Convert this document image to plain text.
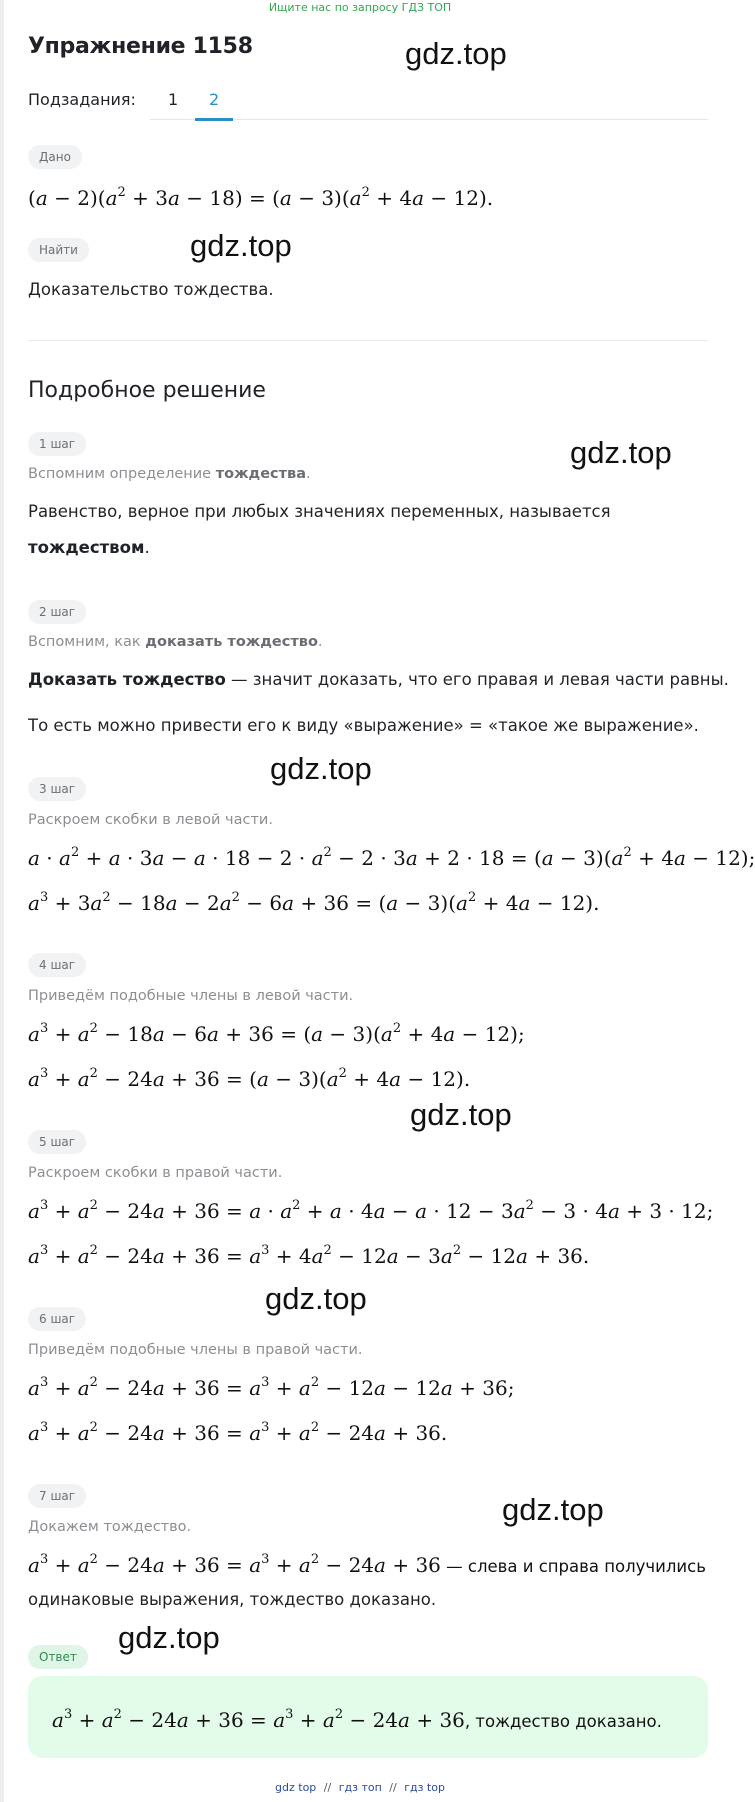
Ищите нас по запросу ГДЗ ТОП
Упражнение 1158
Подзадания: 1 2
Дано
$(a - 2)(a^2 + 3a - 18) = (a - 3)(a^2 + 4a - 12)$.
Найти
Доказательство тождества.
Подробное решение
1 шаг
Вспомним определение тождества.
Равенство, верное при любых значениях переменных, называется
тождеством.
2 шаг
Вспомним, как доказать тождество.
Доказать тождество — значит доказать, что его правая и левая части равны.
То есть можно привести его к виду «выражение» = «такое же выражение».
3 шаг
Раскроем скобки в левой части.
$a \cdot a^2 + a \cdot 3a - a \cdot 18 - 2 \cdot a^2 - 2 \cdot 3a + 2 \cdot 18 = (a - 3)(a^2 + 4a - 12)$;
$a^3 + 3a^2 - 18a - 2a^2 - 6a + 36 = (a - 3)(a^2 + 4a - 12)$.
4 шаг
Приведём подобные члены в левой части.
$a^3 + a^2 - 18a - 6a + 36 = (a - 3)(a^2 + 4a - 12)$;
$a^3 + a^2 - 24a + 36 = (a - 3)(a^2 + 4a - 12)$.
5 шаг
Раскроем скобки в правой части.
$a^3 + a^2 - 24a + 36 = a \cdot a^2 + a \cdot 4a - a \cdot 12 - 3a^2 - 3 \cdot 4a + 3 \cdot 12$;
$a^3 + a^2 - 24a + 36 = a^3 + 4a^2 - 12a - 3a^2 - 12a + 36$.
6 шаг
Приведём подобные члены в правой части.
$a^3 + a^2 - 24a + 36 = a^3 + a^2 - 12a - 12a + 36$;
$a^3 + a^2 - 24a + 36 = a^3 + a^2 - 24a + 36$.
7 шаг
Докажем тождество.
$a^3 + a^2 - 24a + 36 = a^3 + a^2 - 24a + 36$ — слева и справа получились
одинаковые выражения, тождество доказано.
Ответ
$a^3 + a^2 - 24a + 36 = a^3 + a^2 - 24a + 36$, тождество доказано.
gdz.top
gdz.top
gdz.top
gdz.top
gdz.top
gdz.top
gdz.top
gdz.top
gdz top // гдз топ // гдз top
